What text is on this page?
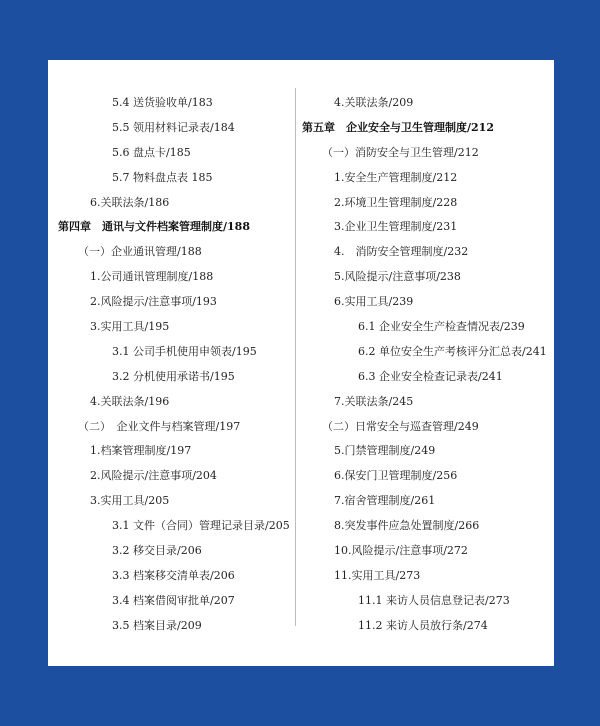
5.4 送货验收单/183
5.5 领用材料记录表/184
5.6 盘点卡/185
5.7 物料盘点表 185
6.关联法条/186
第四章　通讯与文件档案管理制度/188
（一）企业通讯管理/188
1.公司通讯管理制度/188
2.风险提示/注意事项/193
3.实用工具/195
3.1 公司手机使用申领表/195
3.2 分机使用承诺书/195
4.关联法条/196
（二）　企业文件与档案管理/197
1.档案管理制度/197
2.风险提示/注意事项/204
3.实用工具/205
3.1 文件（合同）管理记录目录/205
3.2 移交目录/206
3.3 档案移交清单表/206
3.4 档案借阅审批单/207
3.5 档案目录/209
4.关联法条/209
第五章　企业安全与卫生管理制度/212
（一）消防安全与卫生管理/212
1.安全生产管理制度/212
2.环境卫生管理制度/228
3.企业卫生管理制度/231
4.　消防安全管理制度/232
5.风险提示/注意事项/238
6.实用工具/239
6.1 企业安全生产检查情况表/239
6.2 单位安全生产考核评分汇总表/241
6.3 企业安全检查记录表/241
7.关联法条/245
（二）日常安全与巡查管理/249
5.门禁管理制度/249
6.保安门卫管理制度/256
7.宿舍管理制度/261
8.突发事件应急处置制度/266
10.风险提示/注意事项/272
11.实用工具/273
11.1 来访人员信息登记表/273
11.2 来访人员放行条/274
